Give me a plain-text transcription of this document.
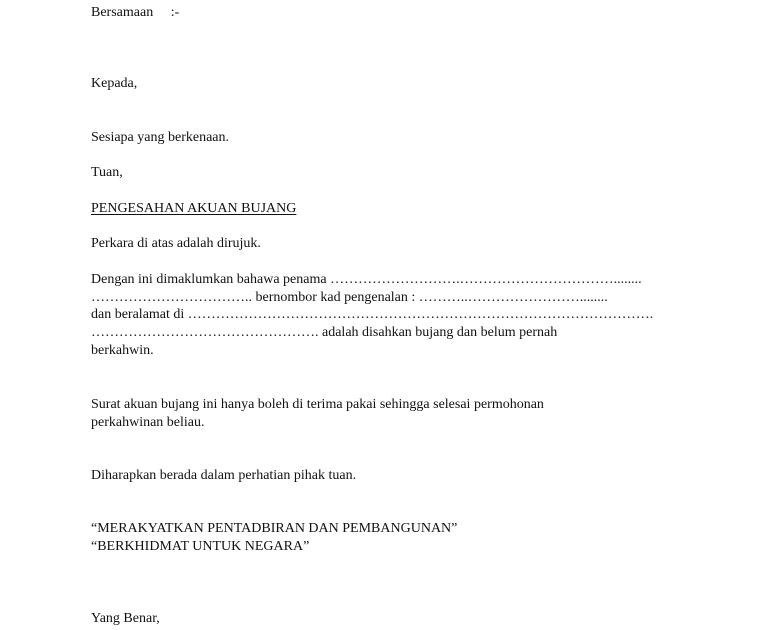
Bersamaan     :-
Kepada,
Sesiapa yang berkenaan.
Tuan,
PENGESAHAN AKUAN BUJANG
Perkara di atas adalah dirujuk.
Dengan ini dimaklumkan bahawa penama ……………………….……………………………........
…………………………….. bernombor kad pengenalan : ………..……………………........
dan beralamat di ……………………………………………………………………………………….
…………………………………………. adalah disahkan bujang dan belum pernah
berkahwin.
Surat akuan bujang ini hanya boleh di terima pakai sehingga selesai permohonan
perkahwinan beliau.
Diharapkan berada dalam perhatian pihak tuan.
“MERAKYATKAN PENTADBIRAN DAN PEMBANGUNAN”
“BERKHIDMAT UNTUK NEGARA”
Yang Benar,
